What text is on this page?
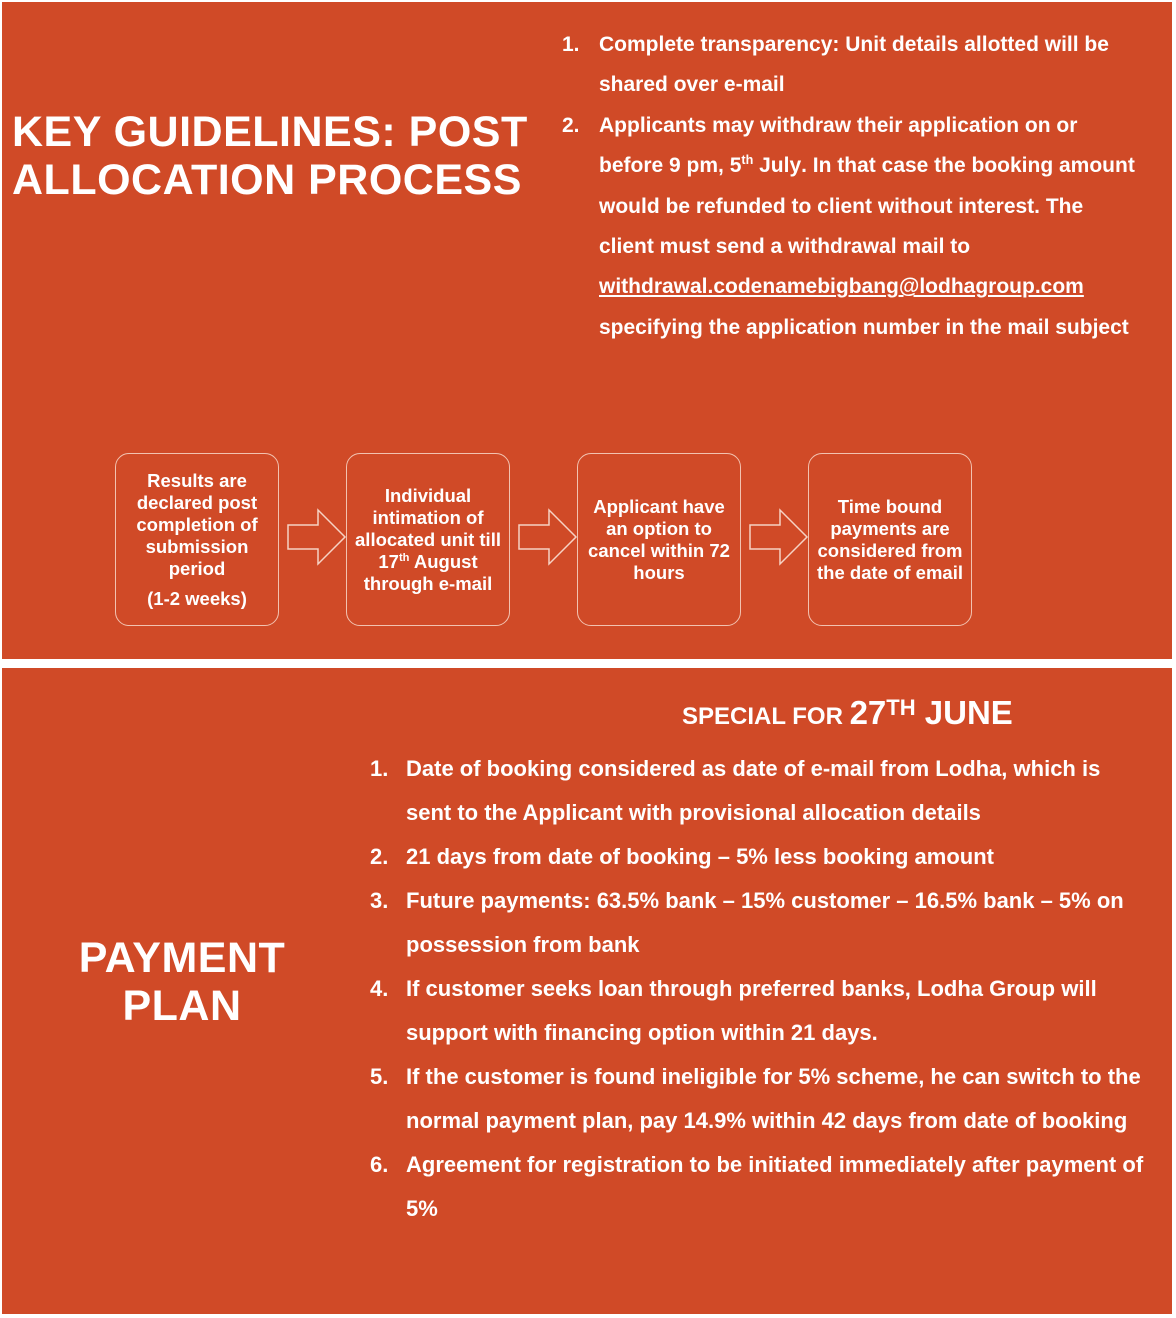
KEY GUIDELINES: POST
ALLOCATION PROCESS
1. Complete transparency: Unit details allotted will be shared over e-mail
2. Applicants may withdraw their application on or before 9 pm, 5th July. In that case the booking amount would be refunded to client without interest. The client must send a withdrawal mail to withdrawal.codenamebigbang@lodhagroup.com specifying the application number in the mail subject
Results are declared post completion of submission period
(1-2 weeks)
Individual intimation of allocated unit till 17th August through e-mail
Applicant have an option to cancel within 72 hours
Time bound payments are considered from the date of email
PAYMENT PLAN
SPECIAL FOR 27TH JUNE
1. Date of booking considered as date of e-mail from Lodha, which is sent to the Applicant with provisional allocation details
2. 21 days from date of booking – 5% less booking amount
3. Future payments: 63.5% bank – 15% customer – 16.5% bank – 5% on possession from bank
4. If customer seeks loan through preferred banks, Lodha Group will support with financing option within 21 days.
5. If the customer is found ineligible for 5% scheme, he can switch to the normal payment plan, pay 14.9% within 42 days from date of booking
6. Agreement for registration to be initiated immediately after payment of 5%
